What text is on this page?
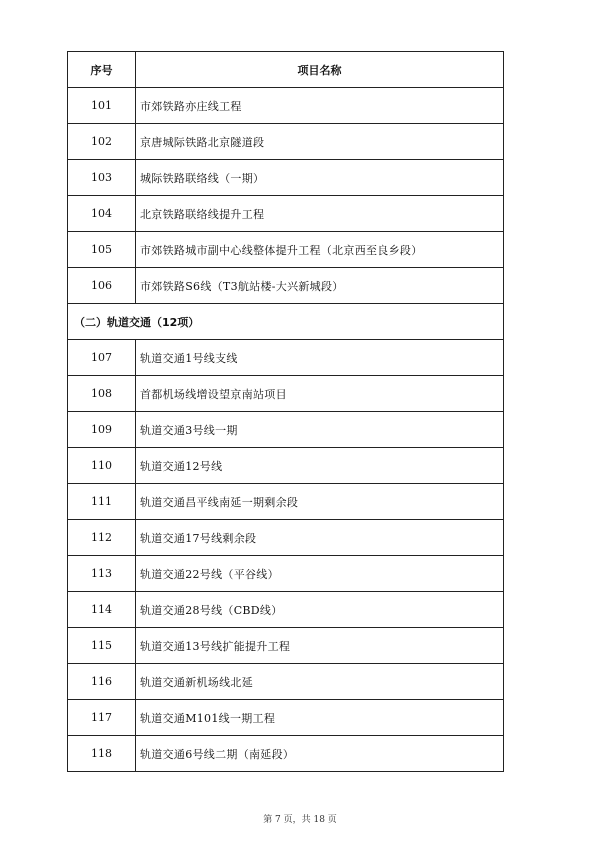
序号	项目名称
101	市郊铁路亦庄线工程
102	京唐城际铁路北京隧道段
103	城际铁路联络线（一期）
104	北京铁路联络线提升工程
105	市郊铁路城市副中心线整体提升工程（北京西至良乡段）
106	市郊铁路S6线（T3航站楼-大兴新城段）
（二）轨道交通（12项）	
107	轨道交通1号线支线
108	首都机场线增设望京南站项目
109	轨道交通3号线一期
110	轨道交通12号线
111	轨道交通昌平线南延一期剩余段
112	轨道交通17号线剩余段
113	轨道交通22号线（平谷线）
114	轨道交通28号线（CBD线）
115	轨道交通13号线扩能提升工程
116	轨道交通新机场线北延
117	轨道交通M101线一期工程
118	轨道交通6号线二期（南延段）
第 7 页，共 18 页
